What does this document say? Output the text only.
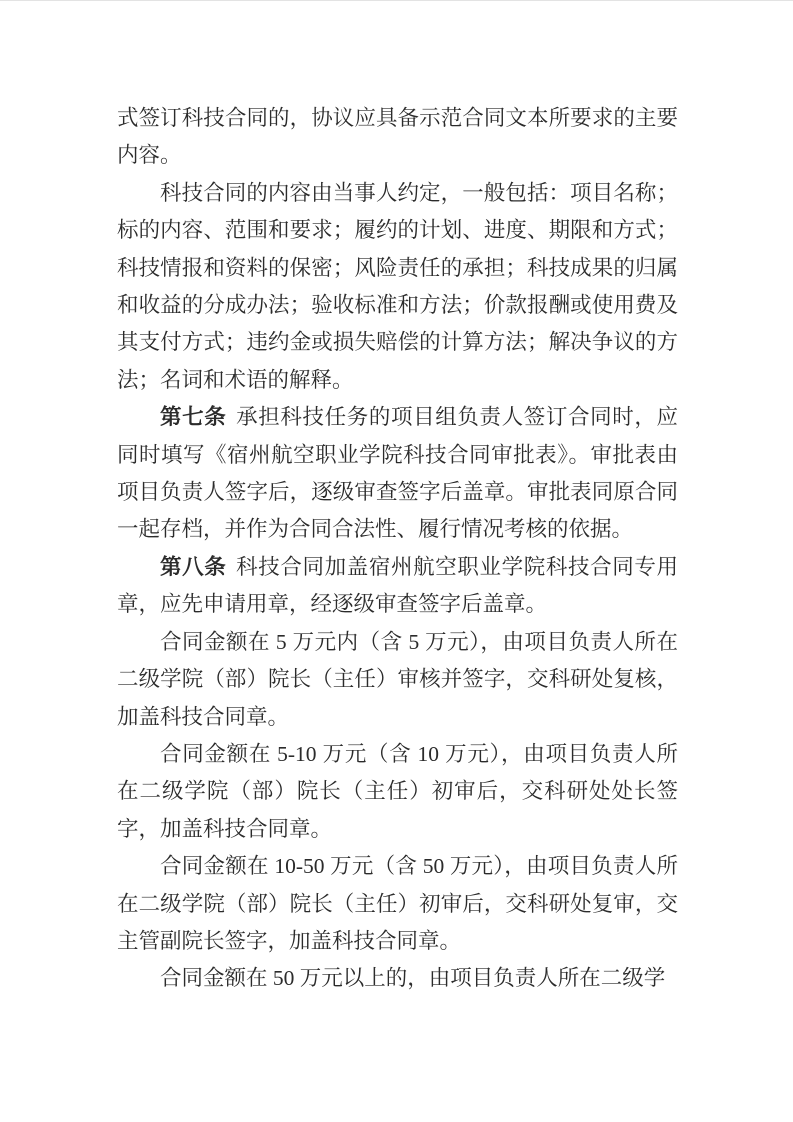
式签订科技合同的，协议应具备示范合同文本所要求的主要内容。

科技合同的内容由当事人约定，一般包括：项目名称；标的内容、范围和要求；履约的计划、进度、期限和方式；科技情报和资料的保密；风险责任的承担；科技成果的归属和收益的分成办法；验收标准和方法；价款报酬或使用费及其支付方式；违约金或损失赔偿的计算方法；解决争议的方法；名词和术语的解释。

第七条 承担科技任务的项目组负责人签订合同时，应同时填写《宿州航空职业学院科技合同审批表》。审批表由项目负责人签字后，逐级审查签字后盖章。审批表同原合同一起存档，并作为合同合法性、履行情况考核的依据。

第八条 科技合同加盖宿州航空职业学院科技合同专用章，应先申请用章，经逐级审查签字后盖章。

合同金额在 5 万元内（含 5 万元），由项目负责人所在二级学院（部）院长（主任）审核并签字，交科研处复核，加盖科技合同章。

合同金额在 5-10 万元（含 10 万元），由项目负责人所在二级学院（部）院长（主任）初审后，交科研处处长签字，加盖科技合同章。

合同金额在 10-50 万元（含 50 万元），由项目负责人所在二级学院（部）院长（主任）初审后，交科研处复审，交主管副院长签字，加盖科技合同章。

合同金额在 50 万元以上的，由项目负责人所在二级学
